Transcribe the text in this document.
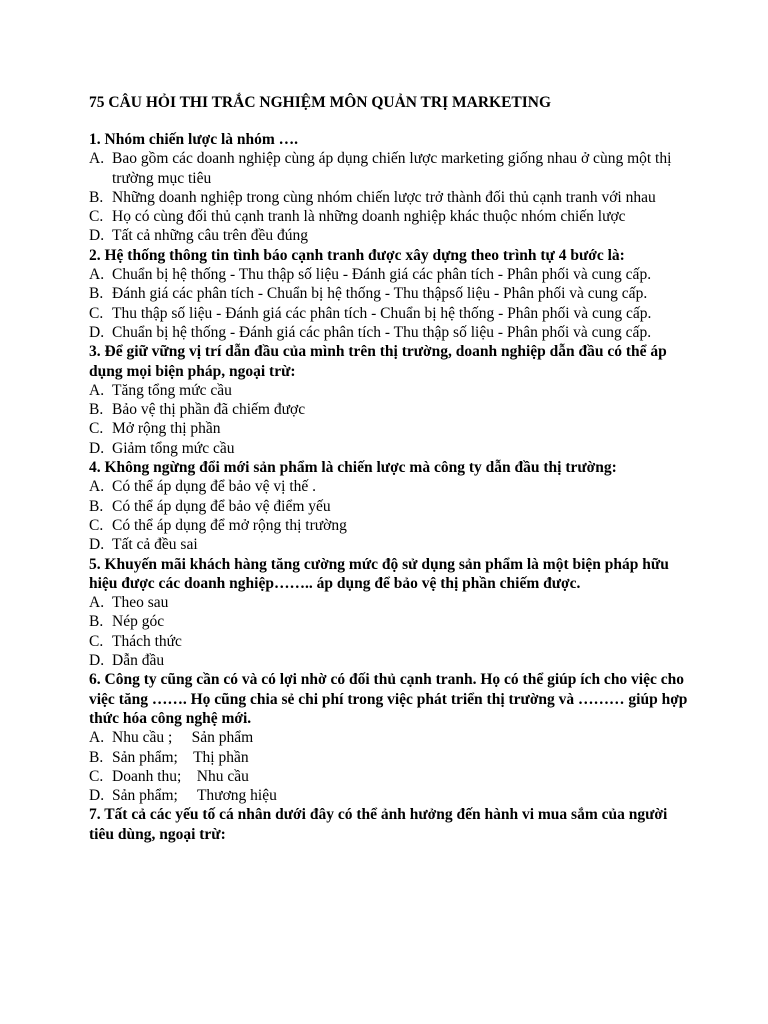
75 CÂU HỎI THI TRẮC NGHIỆM MÔN QUẢN TRỊ MARKETING

1. Nhóm chiến lược là nhóm ….

A. Bao gồm các doanh nghiệp cùng áp dụng chiến lược marketing giống nhau ở cùng một thị trường mục tiêu
B. Những doanh nghiệp trong cùng nhóm chiến lược trở thành đối thủ cạnh tranh với nhau
C. Họ có cùng đối thủ cạnh tranh là những doanh nghiệp khác thuộc nhóm chiến lược
D. Tất cả những câu trên đều đúng

2. Hệ thống thông tin tình báo cạnh tranh được xây dựng theo trình tự 4 bước là:

A. Chuẩn bị hệ thống - Thu thập số liệu - Đánh giá các phân tích - Phân phối và cung cấp.
B. Đánh giá các phân tích - Chuẩn bị hệ thống - Thu thậpsố liệu - Phân phối và cung cấp.
C. Thu thập số liệu - Đánh giá các phân tích - Chuẩn bị hệ thống - Phân phối và cung cấp.
D. Chuẩn bị hệ thống - Đánh giá các phân tích - Thu thập số liệu - Phân phối và cung cấp.

3. Để giữ vững vị trí dẫn đầu của mình trên thị trường, doanh nghiệp dẫn đầu có thể áp dụng mọi biện pháp, ngoại trừ:

A. Tăng tổng mức cầu
B. Bảo vệ thị phần đã chiếm được
C. Mở rộng thị phần
D. Giảm tổng mức cầu

4. Không ngừng đổi mới sản phẩm là chiến lược mà công ty dẫn đầu thị trường:

A. Có thể áp dụng để bảo vệ vị thế .
B. Có thể áp dụng để bảo vệ điểm yếu
C. Có thể áp dụng để mở rộng thị trường
D. Tất cả đều sai

5. Khuyến mãi khách hàng tăng cường mức độ sử dụng sản phẩm là một biện pháp hữu hiệu được các doanh nghiệp…….. áp dụng để bảo vệ thị phần chiếm được.

A. Theo sau
B. Nép góc
C. Thách thức
D. Dẫn đầu

6. Công ty cũng cần có và có lợi nhờ có đối thủ cạnh tranh. Họ có thể giúp ích cho việc cho việc tăng ……. Họ cũng chia sẻ chi phí trong việc phát triển thị trường và ……… giúp hợp thức hóa công nghệ mới.

A. Nhu cầu ;     Sản phẩm
B. Sản phẩm;    Thị phần
C. Doanh thu;    Nhu cầu
D. Sản phẩm;     Thương hiệu

7. Tất cả các yếu tố cá nhân dưới đây có thể ảnh hưởng đến hành vi mua sắm của người tiêu dùng, ngoại trừ:
